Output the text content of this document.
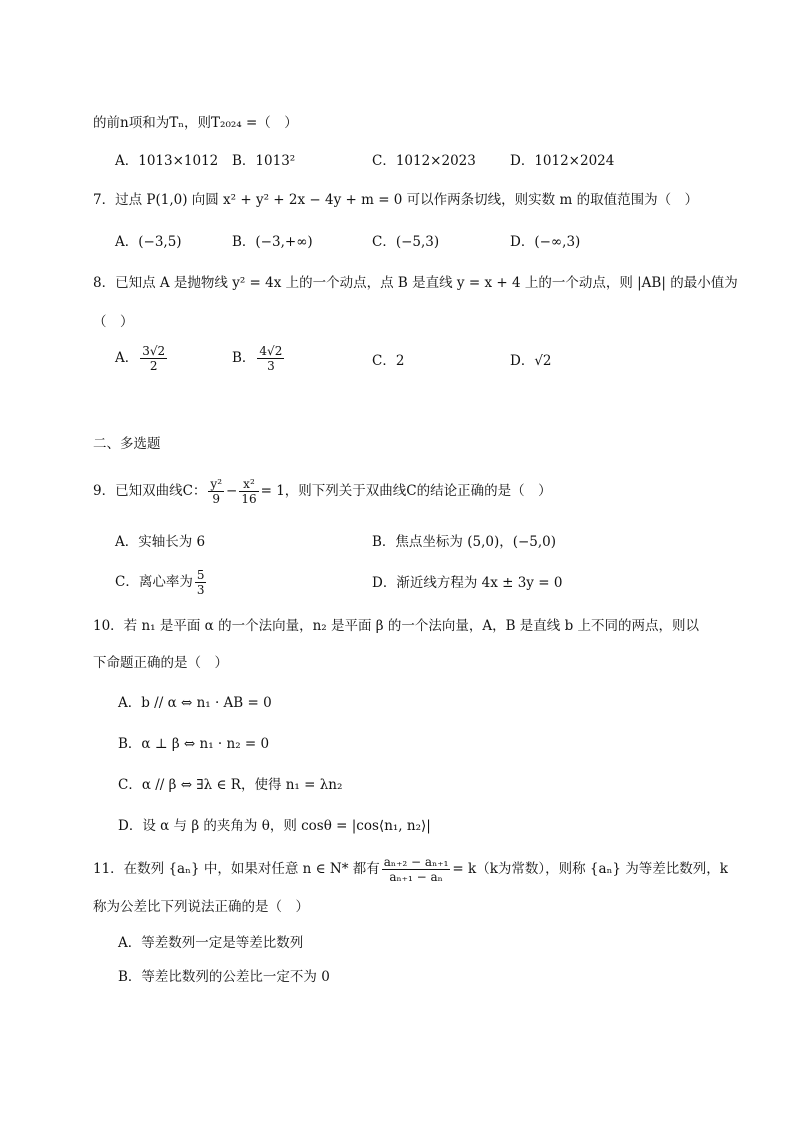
的前n项和为Tₙ，则T₂₀₂₄ =（　）
A．1013×1012 B．1013²	C．1012×2023	D．1012×2024
7．过点 P(1,0) 向圆 x² + y² + 2x − 4y + m = 0 可以作两条切线，则实数 m 的取值范围为（　）
A．(−3,5)	B．(−3,+∞)	C．(−5,3)	D．(−∞,3)
8．已知点 A 是抛物线 y² = 4x 上的一个动点，点 B 是直线 y = x + 4 上的一个动点，则 |AB| 的最小值为
（　）
A． $\frac{3√2}{2}$	B． $\frac{4√2}{3}$	C．2	D．√2
二、多选题
9．已知双曲线C： $\frac{\text{y²}}{9} - \frac{\text{x²}}{16} = 1$，则下列关于双曲线C的结论正确的是（　）
A．实轴长为 6	B．焦点坐标为 (5,0)，(−5,0)
C．离心率为 $\frac{5}{3}$	D．渐近线方程为 4x ± 3y = 0
10．若 n₁ 是平面 α 的一个法向量，n₂ 是平面 β 的一个法向量，A，B 是直线 b 上不同的两点，则以
下命题正确的是（　）
A．b // α ⇔ n₁ · AB = 0
B．α ⊥ β ⇔ n₁ · n₂ = 0
C．α // β ⇔ ∃λ ∈ R，使得 n₁ = λn₂
D．设 α 与 β 的夹角为 θ，则 cosθ = |cos⟨n₁, n₂⟩|
11．在数列 {aₙ} 中，如果对任意 n ∈ N* 都有 $\frac{\text{aₙ₊₂ − aₙ₊₁}}{\text{aₙ₊₁ − aₙ}} = k(k$为常数），则称 {aₙ} 为等差比数列，k
称为公差比下列说法正确的是（　）
A．等差数列一定是等差比数列
B．等差比数列的公差比一定不为 0
